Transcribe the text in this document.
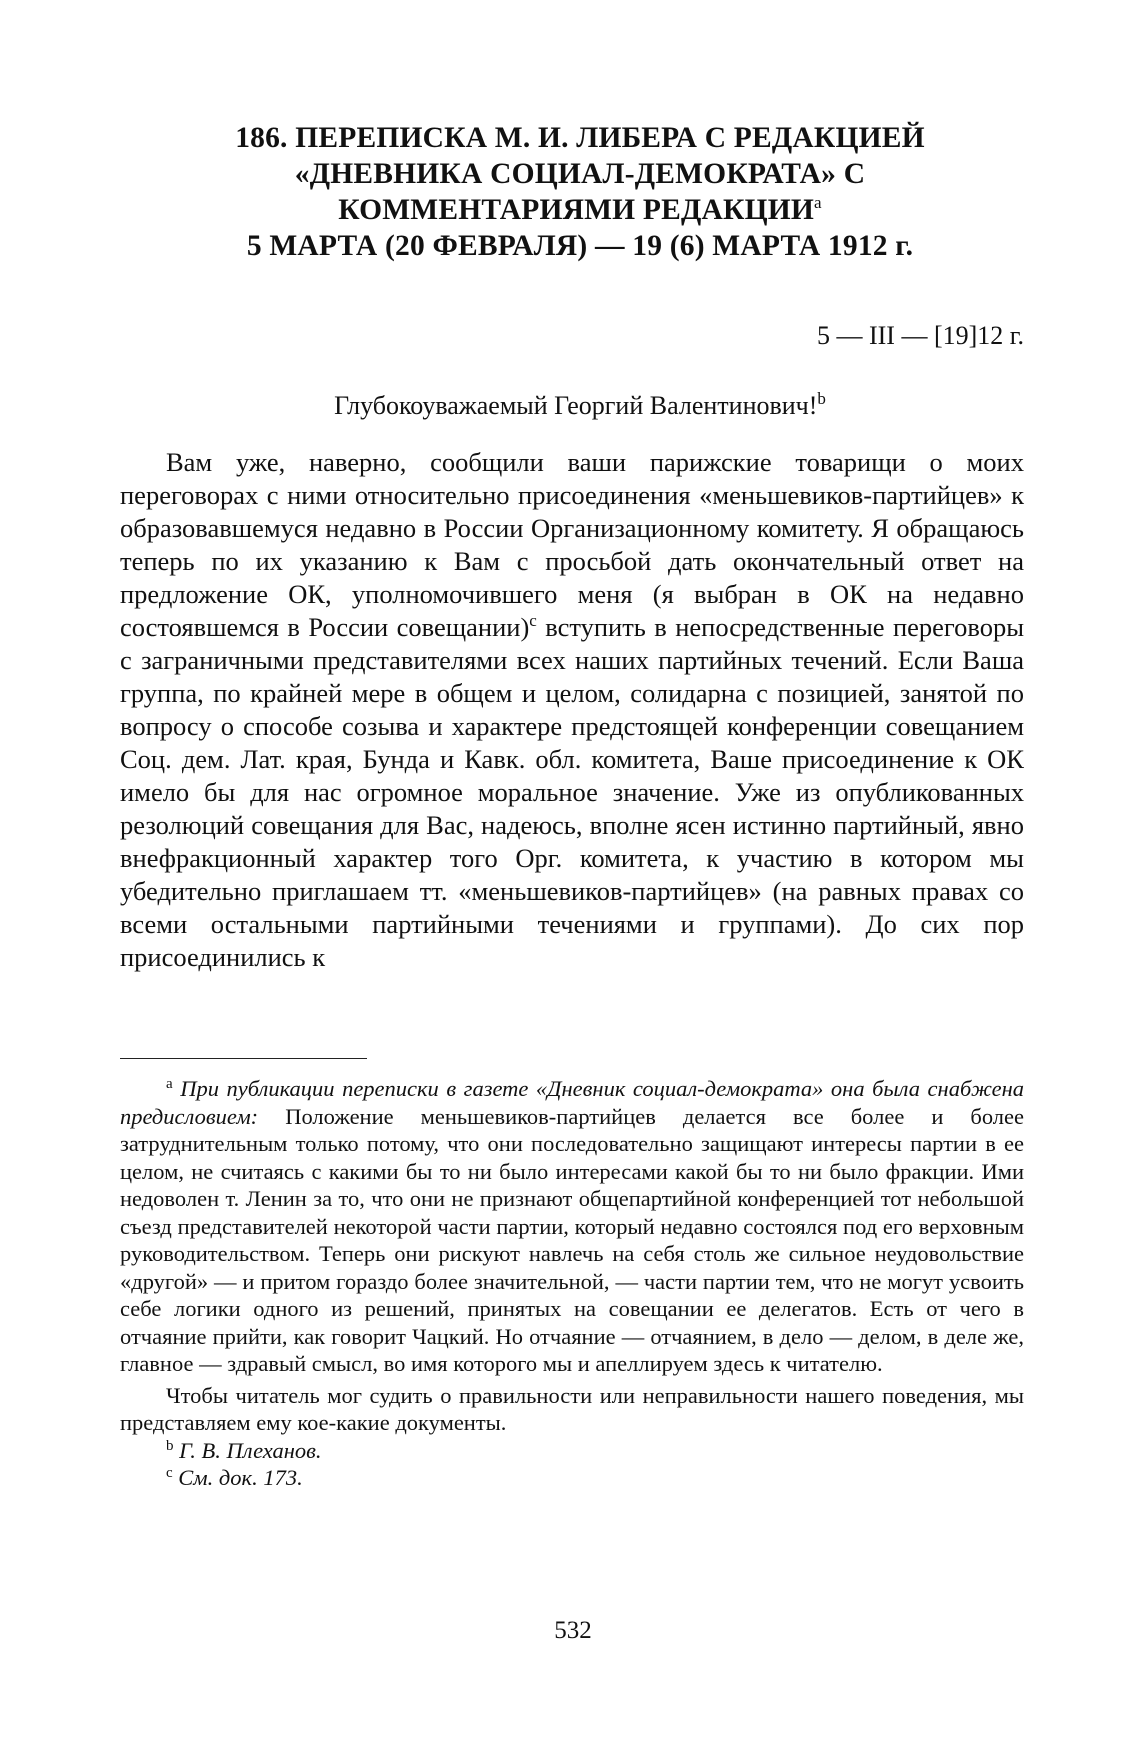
186. ПЕРЕПИСКА М. И. ЛИБЕРА С РЕДАКЦИЕЙ
«ДНЕВНИКА СОЦИАЛ-ДЕМОКРАТА» С
КОММЕНТАРИЯМИ РЕДАКЦИИ$^a$
5 МАРТА (20 ФЕВРАЛЯ) — 19 (6) МАРТА 1912 г.
5 — III — [19]12 г.
Глубокоуважаемый Георгий Валентинович!$^b$
Вам уже, наверно, сообщили ваши парижские товарищи о моих переговорах с ними относительно присоединения «меньшевиков-партийцев» к образовавшемуся недавно в России Организационному комитету. Я обращаюсь теперь по их указанию к Вам с просьбой дать окончательный ответ на предложение ОК, уполномочившего меня (я выбран в ОК на недавно состоявшемся в России совещании)$^c$ вступить в непосредственные переговоры с заграничными представителями всех наших партийных течений. Если Ваша группа, по крайней мере в общем и целом, солидарна с позицией, занятой по вопросу о способе созыва и характере предстоящей конференции совещанием Соц. дем. Лат. края, Бунда и Кавк. обл. комитета, Ваше присоединение к ОК имело бы для нас огромное моральное значение. Уже из опубликованных резолюций совещания для Вас, надеюсь, вполне ясен истинно партийный, явно внефракционный характер того Орг. комитета, к участию в котором мы убедительно приглашаем тт. «меньшевиков-партийцев» (на равных правах со всеми остальными партийными течениями и группами). До сих пор присоединились к

$^a$ При публикации переписки в газете «Дневник социал-демократа» она была снабжена предисловием: Положение меньшевиков-партийцев делается все более и более затруднительным только потому, что они последовательно защищают интересы партии в ее целом, не считаясь с какими бы то ни было интересами какой бы то ни было фракции. Ими недоволен т. Ленин за то, что они не признают общепартийной конференцией тот небольшой съезд представителей некоторой части партии, который недавно состоялся под его верховным руководительством. Теперь они рискуют навлечь на себя столь же сильное неудовольствие «другой» — и притом гораздо более значительной, — части партии тем, что не могут усвоить себе логики одного из решений, принятых на совещании ее делегатов. Есть от чего в отчаяние прийти, как говорит Чацкий. Но отчаяние — отчаянием, в дело — делом, в деле же, главное — здравый смысл, во имя которого мы и апеллируем здесь к читателю.

Чтобы читатель мог судить о правильности или неправильности нашего поведения, мы представляем ему кое-какие документы.

$^b$ Г. В. Плеханов.

$^c$ См. док. 173.

532
